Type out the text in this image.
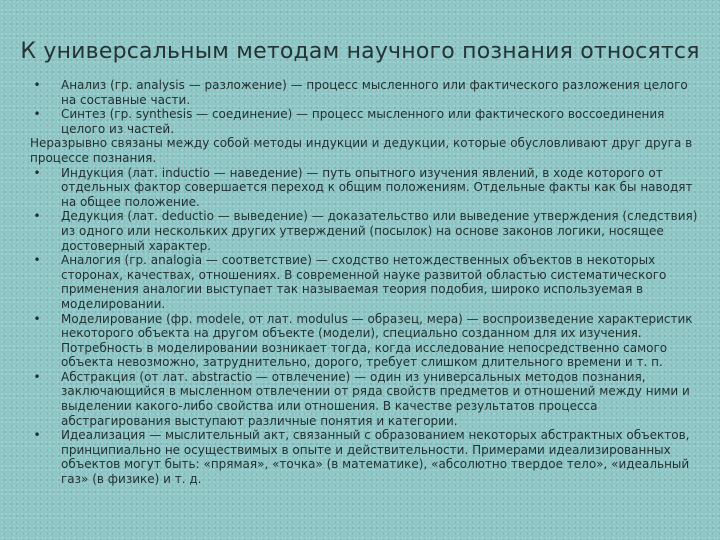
К универсальным методам научного познания относятся
• Анализ (гр. analysis — разложение) — процесс мысленного или фактического разложения целого на составные части.
• Синтез (гр. synthesis — соединение) — процесс мысленного или фактического воссоединения целого из частей.
Неразрывно связаны между собой методы индукции и дедукции, которые обусловливают друг друга в процессе познания.
• Индукция (лат. inductio — наведение) — путь опытного изучения явлений, в ходе которого от отдельных фактор совершается переход к общим положениям. Отдельные факты как бы наводят на общее положение.
• Дедукция (лат. deductio — выведение) — доказательство или выведение утверждения (следствия) из одного или нескольких других утверждений (посылок) на основе законов логики, носящее достоверный характер.
• Аналогия (гр. analogia — соответствие) — сходство нетождественных объектов в некоторых сторонах, качествах, отношениях. В современной науке развитой областью систематического применения аналогии выступает так называемая теория подобия, широко используемая в моделировании.
• Моделирование (фр. modele, от лат. modulus — образец, мера) — воспроизведение характеристик некоторого объекта на другом объекте (модели), специально созданном для их изучения. Потребность в моделировании возникает тогда, когда исследование непосредственно самого объекта невозможно, затруднительно, дорого, требует слишком длительного времени и т. п.
• Абстракция (от лат. abstractio — отвлечение) — один из универсальных методов познания, заключающийся в мысленном отвлечении от ряда свойств предметов и отношений между ними и выделении какого-либо свойства или отношения. В качестве результатов процесса абстрагирования выступают различные понятия и категории.
• Идеализация — мыслительный акт, связанный с образованием некоторых абстрактных объектов, принципиально не осуществимых в опыте и действительности. Примерами идеализированных объектов могут быть: «прямая», «точка» (в математике), «абсолютно твердое тело», «идеальный газ» (в физике) и т. д.
